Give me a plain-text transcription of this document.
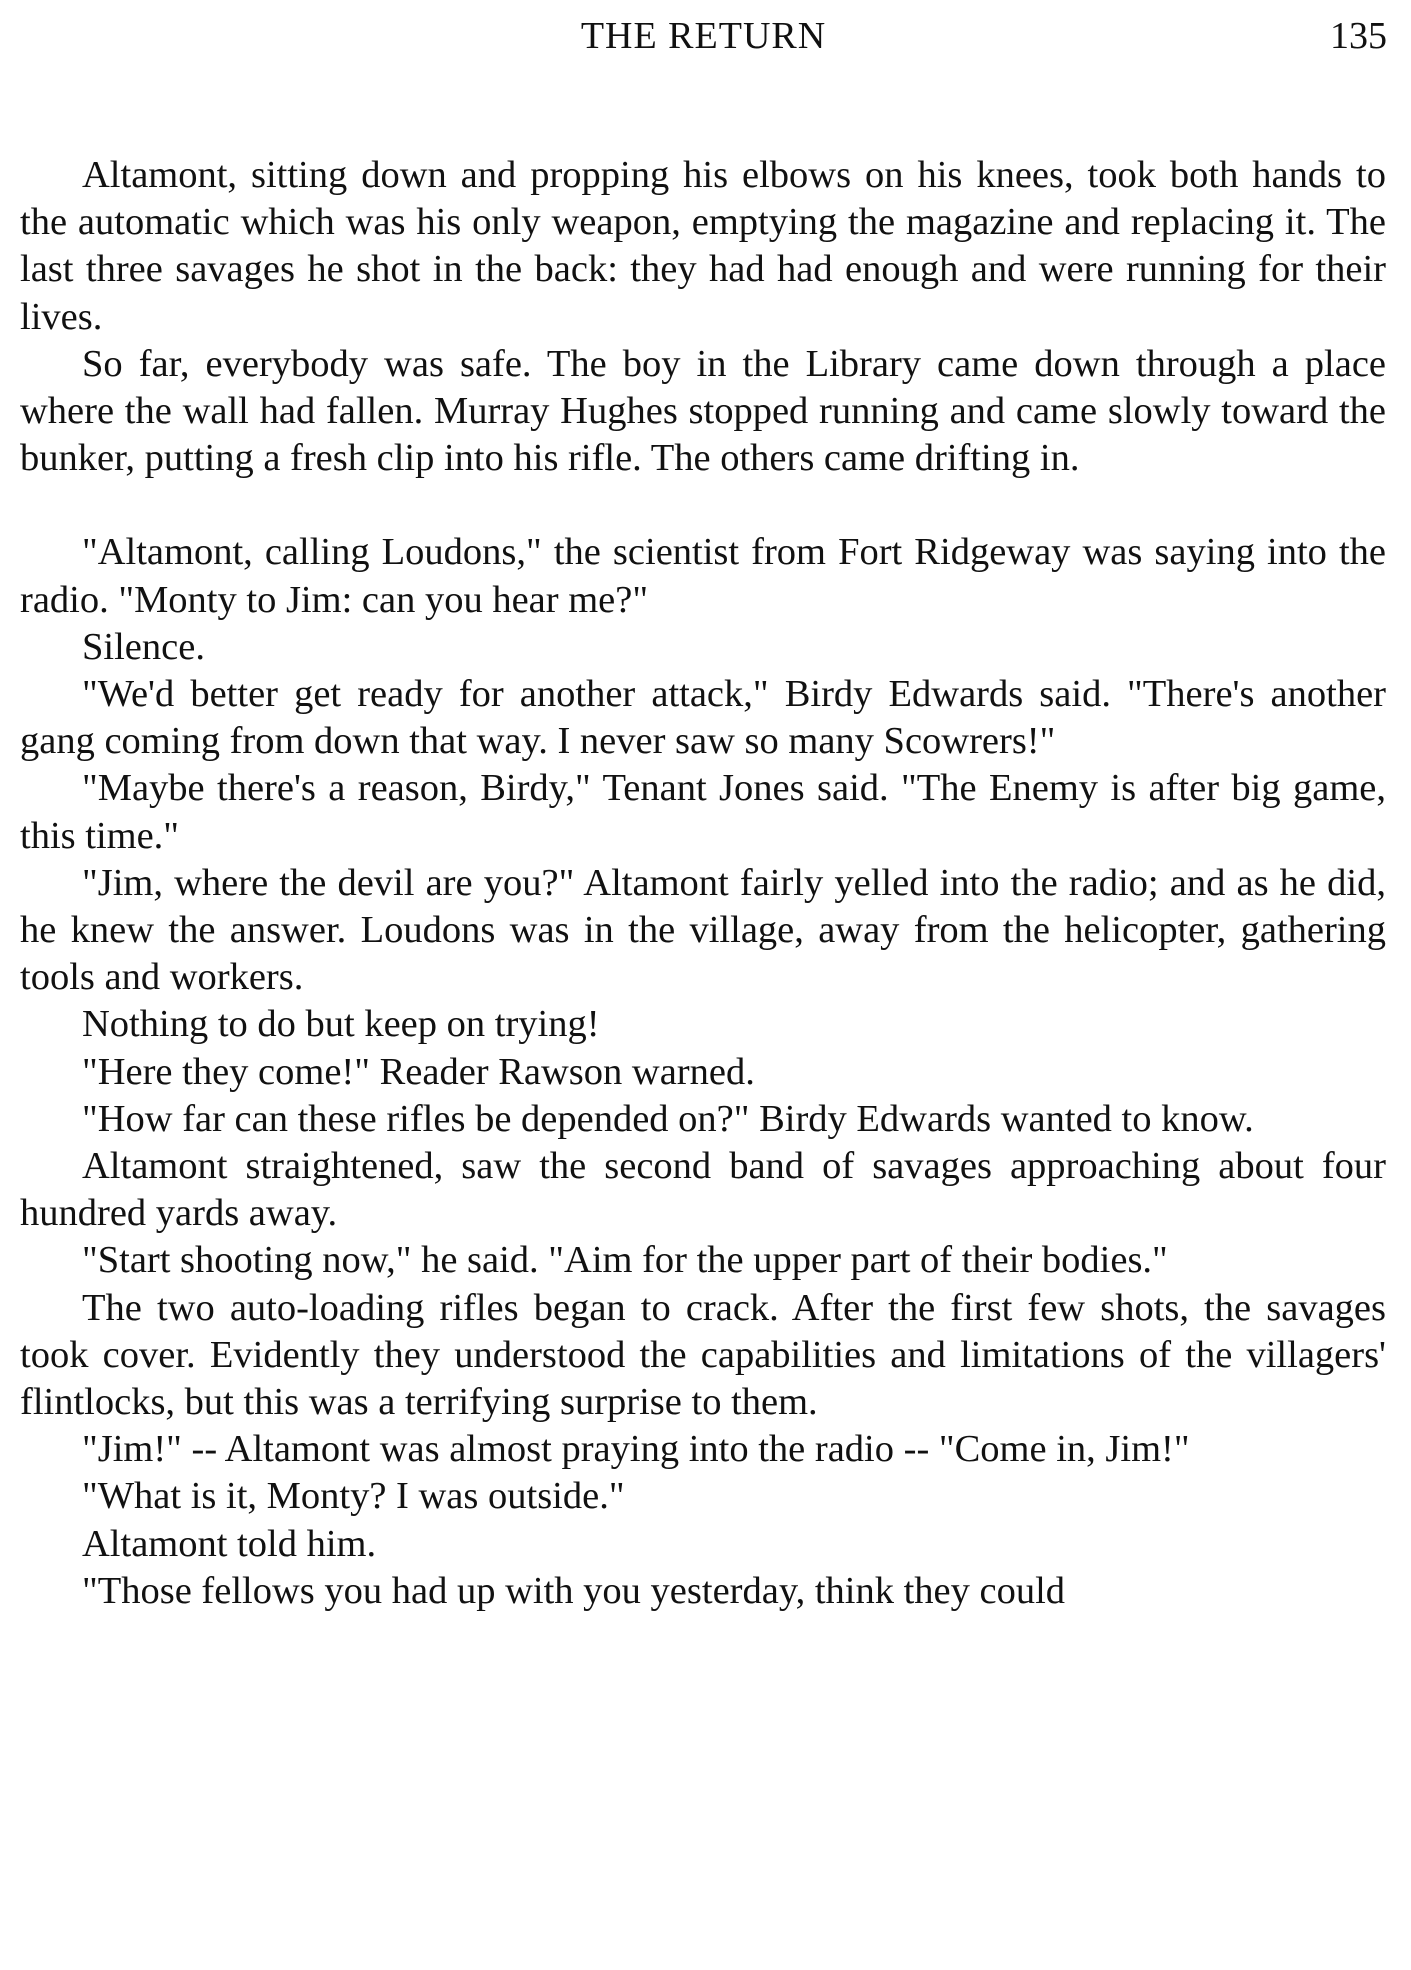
THE RETURN	135

Altamont, sitting down and propping his elbows on his knees, took both hands to the automatic which was his only weapon, emptying the magazine and replacing it. The last three savages he shot in the back: they had had enough and were running for their lives.

So far, everybody was safe. The boy in the Library came down through a place where the wall had fallen. Murray Hughes stopped running and came slowly toward the bunker, putting a fresh clip into his rifle. The others came drifting in.

"Altamont, calling Loudons," the scientist from Fort Ridgeway was saying into the radio. "Monty to Jim: can you hear me?"

Silence.

"We'd better get ready for another attack," Birdy Edwards said. "There's another gang coming from down that way. I never saw so many Scowrers!"

"Maybe there's a reason, Birdy," Tenant Jones said. "The Enemy is after big game, this time."

"Jim, where the devil are you?" Altamont fairly yelled into the radio; and as he did, he knew the answer. Loudons was in the village, away from the helicopter, gathering tools and workers.

Nothing to do but keep on trying!

"Here they come!" Reader Rawson warned.

"How far can these rifles be depended on?" Birdy Edwards wanted to know.

Altamont straightened, saw the second band of savages approaching about four hundred yards away.

"Start shooting now," he said. "Aim for the upper part of their bodies."

The two auto-loading rifles began to crack. After the first few shots, the savages took cover. Evidently they understood the capabilities and limitations of the villagers' flintlocks, but this was a terrifying surprise to them.

"Jim!" -- Altamont was almost praying into the radio -- "Come in, Jim!"

"What is it, Monty? I was outside."

Altamont told him.

"Those fellows you had up with you yesterday, think they could
